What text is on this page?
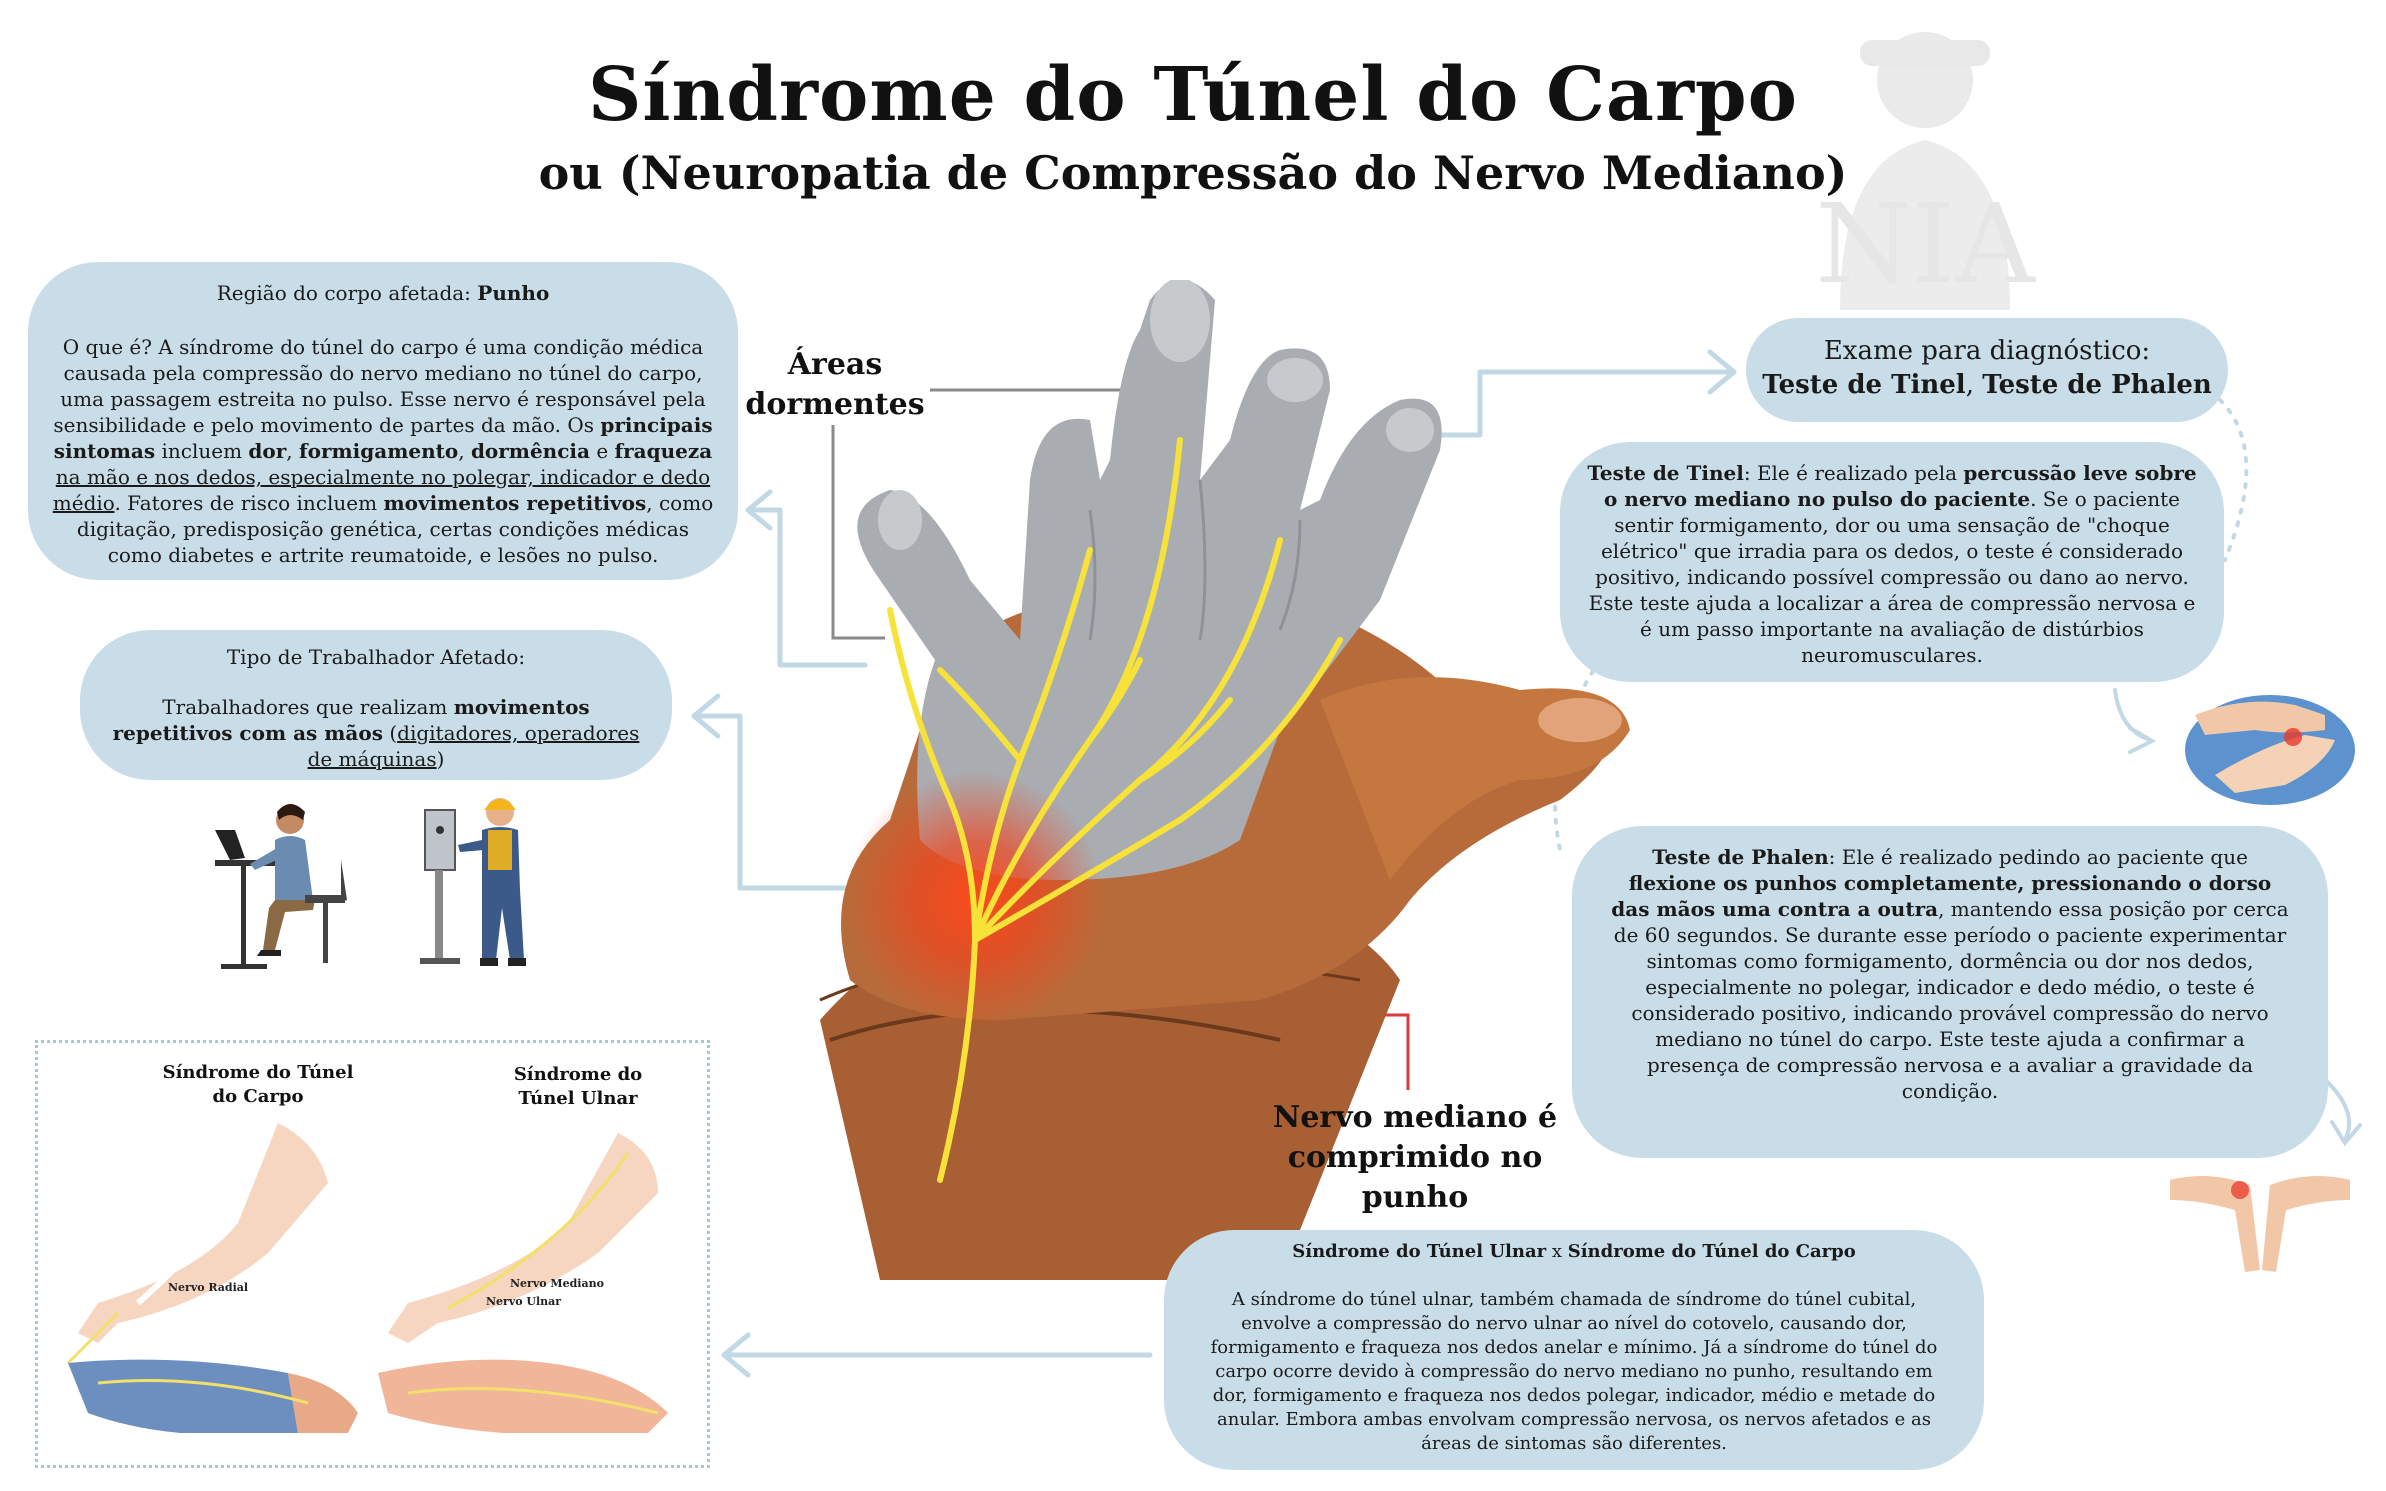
Síndrome do Túnel do Carpo
ou (Neuropatia de Compressão do Nervo Mediano)
NIA
Áreas dormentes
Nervo mediano é comprimido no punho

Região do corpo afetada: Punho

O que é? A síndrome do túnel do carpo é uma condição médica causada pela compressão do nervo mediano no túnel do carpo, uma passagem estreita no pulso. Esse nervo é responsável pela sensibilidade e pelo movimento de partes da mão. Os principais sintomas incluem dor, formigamento, dormência e fraqueza na mão e nos dedos, especialmente no polegar, indicador e dedo médio. Fatores de risco incluem movimentos repetitivos, como digitação, predisposição genética, certas condições médicas como diabetes e artrite reumatoide, e lesões no pulso.

Tipo de Trabalhador Afetado:

Trabalhadores que realizam movimentos repetitivos com as mãos (digitadores, operadores de máquinas)

Exame para diagnóstico:

Teste de Tinel, Teste de Phalen

Teste de Tinel: Ele é realizado pela percussão leve sobre o nervo mediano no pulso do paciente. Se o paciente sentir formigamento, dor ou uma sensação de "choque elétrico" que irradia para os dedos, o teste é considerado positivo, indicando possível compressão ou dano ao nervo. Este teste ajuda a localizar a área de compressão nervosa e é um passo importante na avaliação de distúrbios neuromusculares.

Teste de Phalen: Ele é realizado pedindo ao paciente que flexione os punhos completamente, pressionando o dorso das mãos uma contra a outra, mantendo essa posição por cerca de 60 segundos. Se durante esse período o paciente experimentar sintomas como formigamento, dormência ou dor nos dedos, especialmente no polegar, indicador e dedo médio, o teste é considerado positivo, indicando provável compressão do nervo mediano no túnel do carpo. Este teste ajuda a confirmar a presença de compressão nervosa e a avaliar a gravidade da condição.

Síndrome do Túnel Ulnar x Síndrome do Túnel do Carpo

A síndrome do túnel ulnar, também chamada de síndrome do túnel cubital, envolve a compressão do nervo ulnar ao nível do cotovelo, causando dor, formigamento e fraqueza nos dedos anelar e mínimo. Já a síndrome do túnel do carpo ocorre devido à compressão do nervo mediano no punho, resultando em dor, formigamento e fraqueza nos dedos polegar, indicador, médio e metade do anular. Embora ambas envolvam compressão nervosa, os nervos afetados e as áreas de sintomas são diferentes.

Síndrome do Túnel do Carpo
Síndrome do Túnel Ulnar
Nervo Radial	Nervo Mediano
Nervo Ulnar
